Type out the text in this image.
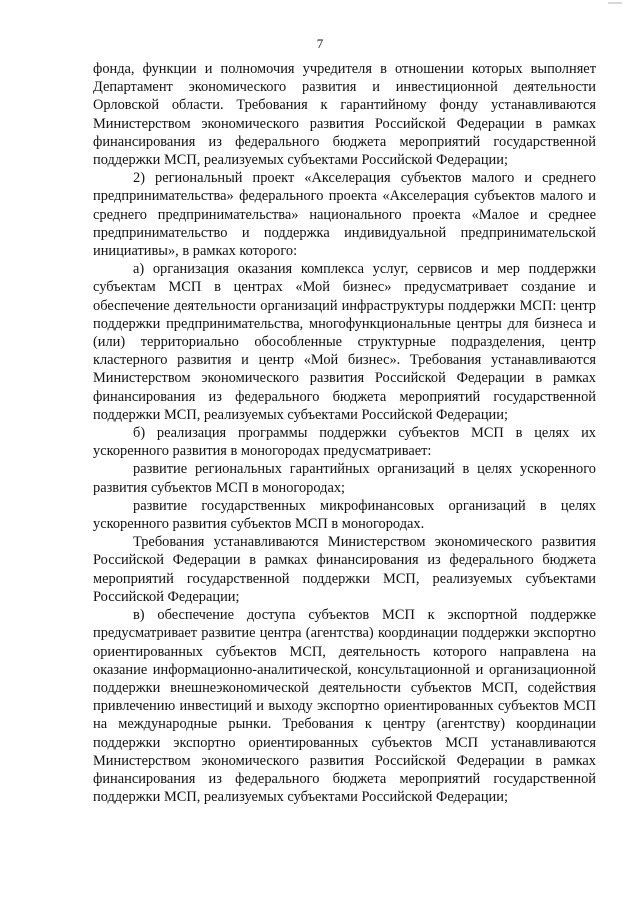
7

фонда, функции и полномочия учредителя в отношении которых выполняет Департамент экономического развития и инвестиционной деятельности Орловской области. Требования к гарантийному фонду устанавливаются Министерством экономического развития Российской Федерации в рамках финансирования из федерального бюджета мероприятий государственной поддержки МСП, реализуемых субъектами Российской Федерации;

2) региональный проект «Акселерация субъектов малого и среднего предпринимательства» федерального проекта «Акселерация субъектов малого и среднего предпринимательства» национального проекта «Малое и среднее предпринимательство и поддержка индивидуальной предпринимательской инициативы», в рамках которого:

а) организация оказания комплекса услуг, сервисов и мер поддержки субъектам МСП в центрах «Мой бизнес» предусматривает создание и обеспечение деятельности организаций инфраструктуры поддержки МСП: центр поддержки предпринимательства, многофункциональные центры для бизнеса и (или) территориально обособленные структурные подразделения, центр кластерного развития и центр «Мой бизнес». Требования устанавливаются Министерством экономического развития Российской Федерации в рамках финансирования из федерального бюджета мероприятий государственной поддержки МСП, реализуемых субъектами Российской Федерации;

б) реализация программы поддержки субъектов МСП в целях их ускоренного развития в моногородах предусматривает:

развитие региональных гарантийных организаций в целях ускоренного развития субъектов МСП в моногородах;

развитие государственных микрофинансовых организаций в целях ускоренного развития субъектов МСП в моногородах.

Требования устанавливаются Министерством экономического развития Российской Федерации в рамках финансирования из федерального бюджета мероприятий государственной поддержки МСП, реализуемых субъектами Российской Федерации;

в) обеспечение доступа субъектов МСП к экспортной поддержке предусматривает развитие центра (агентства) координации поддержки экспортно ориентированных субъектов МСП, деятельность которого направлена на оказание информационно-аналитической, консультационной и организационной поддержки внешнеэкономической деятельности субъектов МСП, содействия привлечению инвестиций и выходу экспортно ориентированных субъектов МСП на международные рынки. Требования к центру (агентству) координации поддержки экспортно ориентированных субъектов МСП устанавливаются Министерством экономического развития Российской Федерации в рамках финансирования из федерального бюджета мероприятий государственной поддержки МСП, реализуемых субъектами Российской Федерации;
